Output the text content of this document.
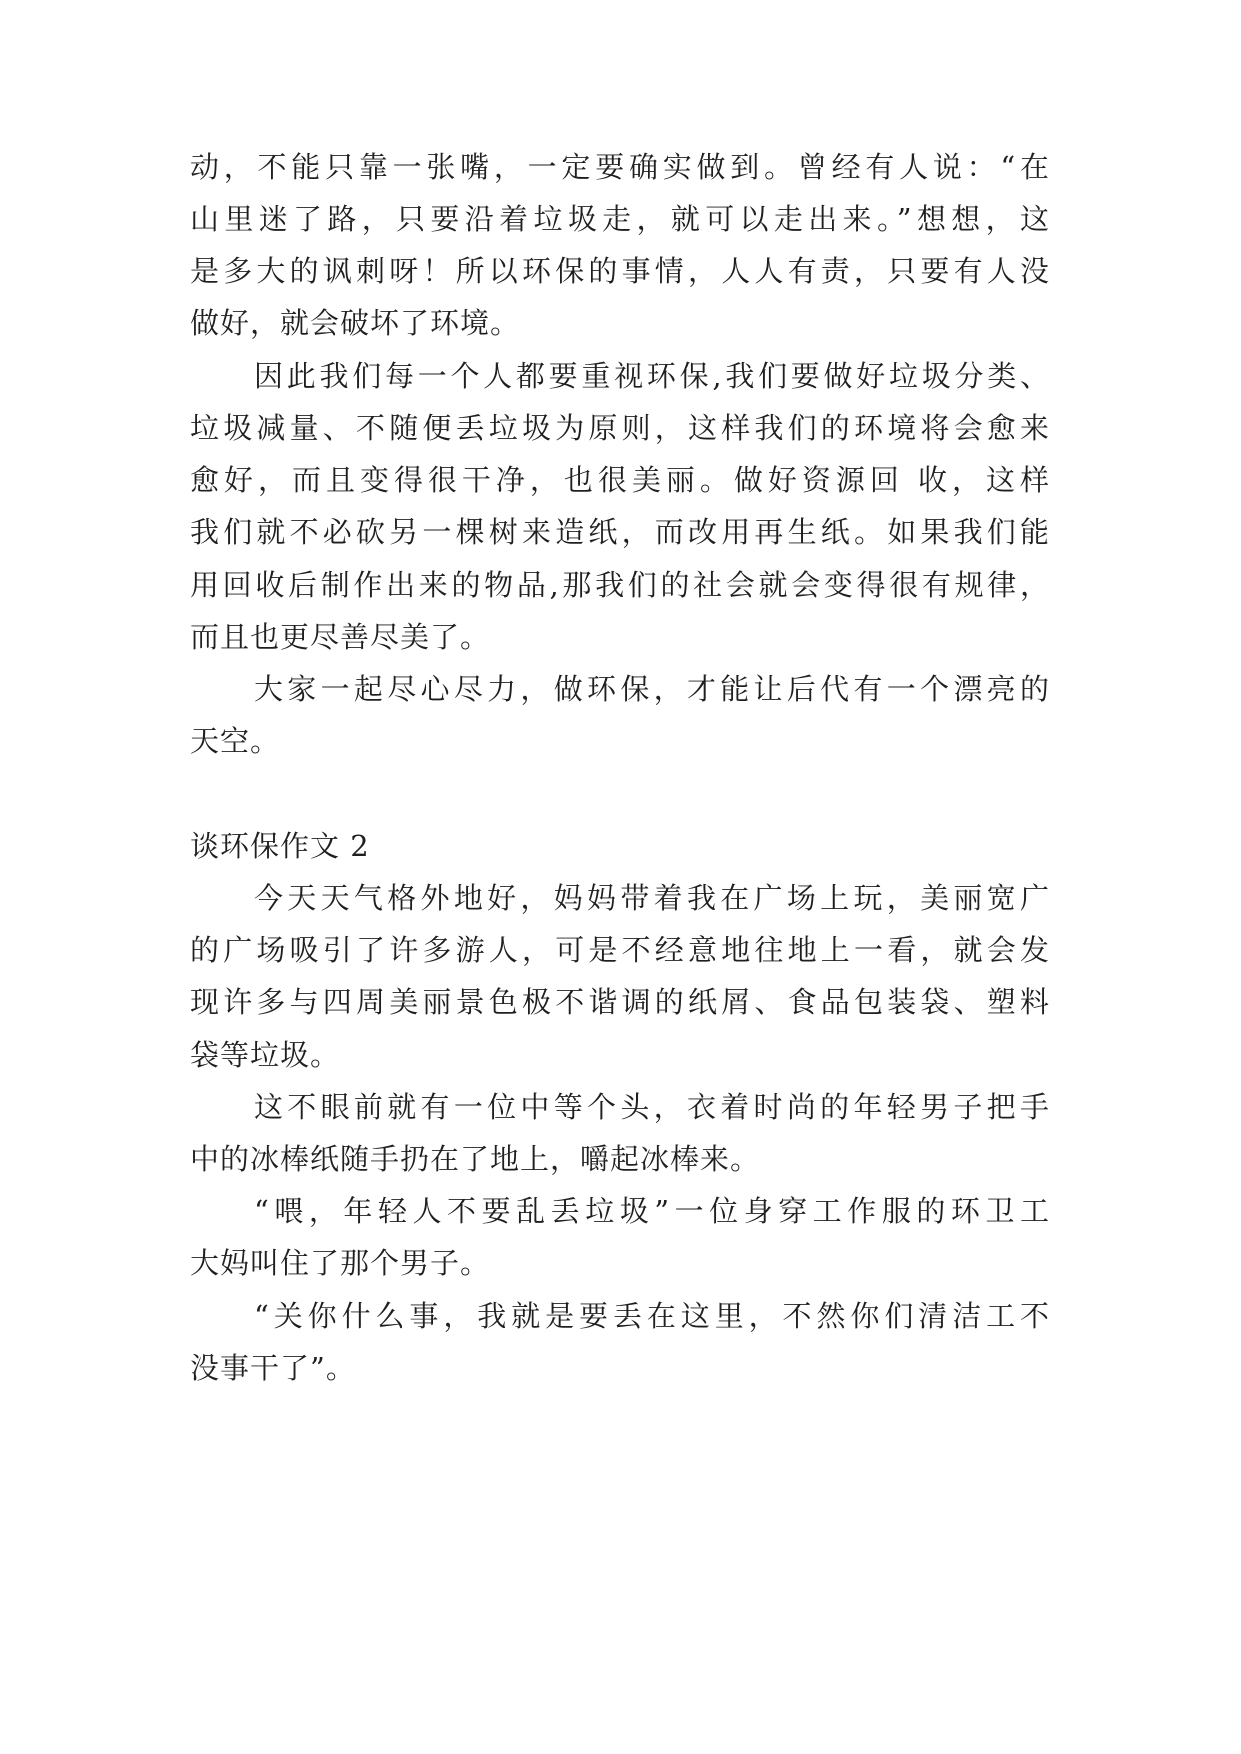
动，不能只靠一张嘴，一定要确实做到。曾经有人说：“在
山里迷了路，只要沿着垃圾走，就可以走出来。”想想，这
是多大的讽刺呀！所以环保的事情，人人有责，只要有人没
做好，就会破坏了环境。
因此我们每一个人都要重视环保,我们要做好垃圾分类、
垃圾减量、不随便丢垃圾为原则，这样我们的环境将会愈来
愈好，而且变得很干净，也很美丽。做好资源回 收，这样
我们就不必砍另一棵树来造纸，而改用再生纸。如果我们能
用回收后制作出来的物品,那我们的社会就会变得很有规律，
而且也更尽善尽美了。
大家一起尽心尽力，做环保，才能让后代有一个漂亮的
天空。
谈环保作文 2
今天天气格外地好，妈妈带着我在广场上玩，美丽宽广
的广场吸引了许多游人，可是不经意地往地上一看，就会发
现许多与四周美丽景色极不谐调的纸屑、食品包装袋、塑料
袋等垃圾。
这不眼前就有一位中等个头，衣着时尚的年轻男子把手
中的冰棒纸随手扔在了地上，嚼起冰棒来。
“喂，年轻人不要乱丢垃圾”一位身穿工作服的环卫工
大妈叫住了那个男子。
“关你什么事，我就是要丢在这里，不然你们清洁工不
没事干了”。
